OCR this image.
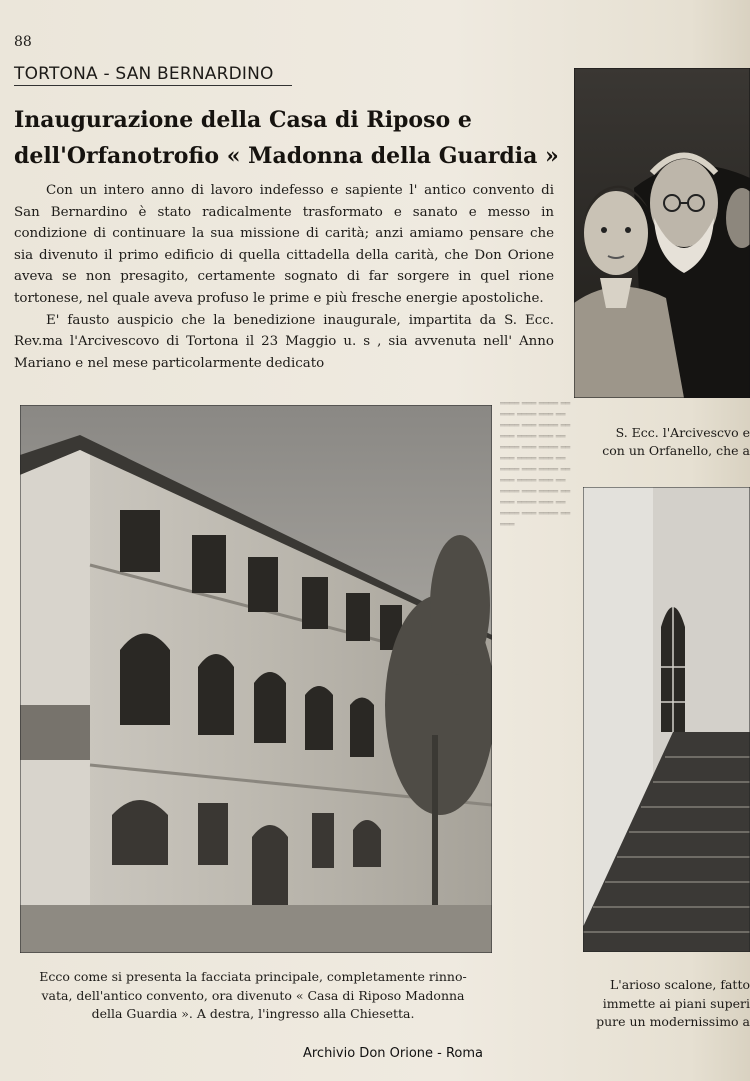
88
TORTONA - SAN BERNARDINO
Inaugurazione della Casa di Riposo e
dell'Orfanotrofio « Madonna della Guardia »

Con un intero anno di lavoro indefesso e sapiente l' antico convento di San Bernardino è stato radicalmente trasformato e sanato e messo in condizione di continuare la sua missione di carità; anzi amiamo pensare che sia divenuto il primo edificio di quella cittadella della carità, che Don Orione aveva se non presagito, certamente sognato di far sorgere in quel rione tortonese, nel quale aveva profuso le prime e più fresche energie apostoliche.

E' fausto auspicio che la benedizione inaugurale, impartita da S. Ecc. Rev.ma l'Arcivescovo di Tortona il 23 Maggio u. s , sia avvenuta nell' Anno Mariano e nel mese particolarmente dedicato

════ ═══ ════ ══ ═══ ════ ═══ ══ ════ ═══ ════ ══ ═══ ════ ═══ ══ ════ ═══ ════ ══ ═══ ════ ═══ ══ ════ ═══ ════ ══ ═══ ════ ═══ ══ ════ ═══ ════ ══ ═══ ════ ═══ ══ ════ ═══ ════ ══ ═══
S. Ecc. l'Arcivescvo e
con un Orfanello, che a
Ecco come si presenta la facciata principale, completamente rinno-
vata, dell'antico convento, ora divenuto « Casa di Riposo Madonna
della Guardia ». A destra, l'ingresso alla Chiesetta.
L'arioso scalone, fatto
immette ai piani superi
pure un modernissimo a
Archivio Don Orione - Roma
